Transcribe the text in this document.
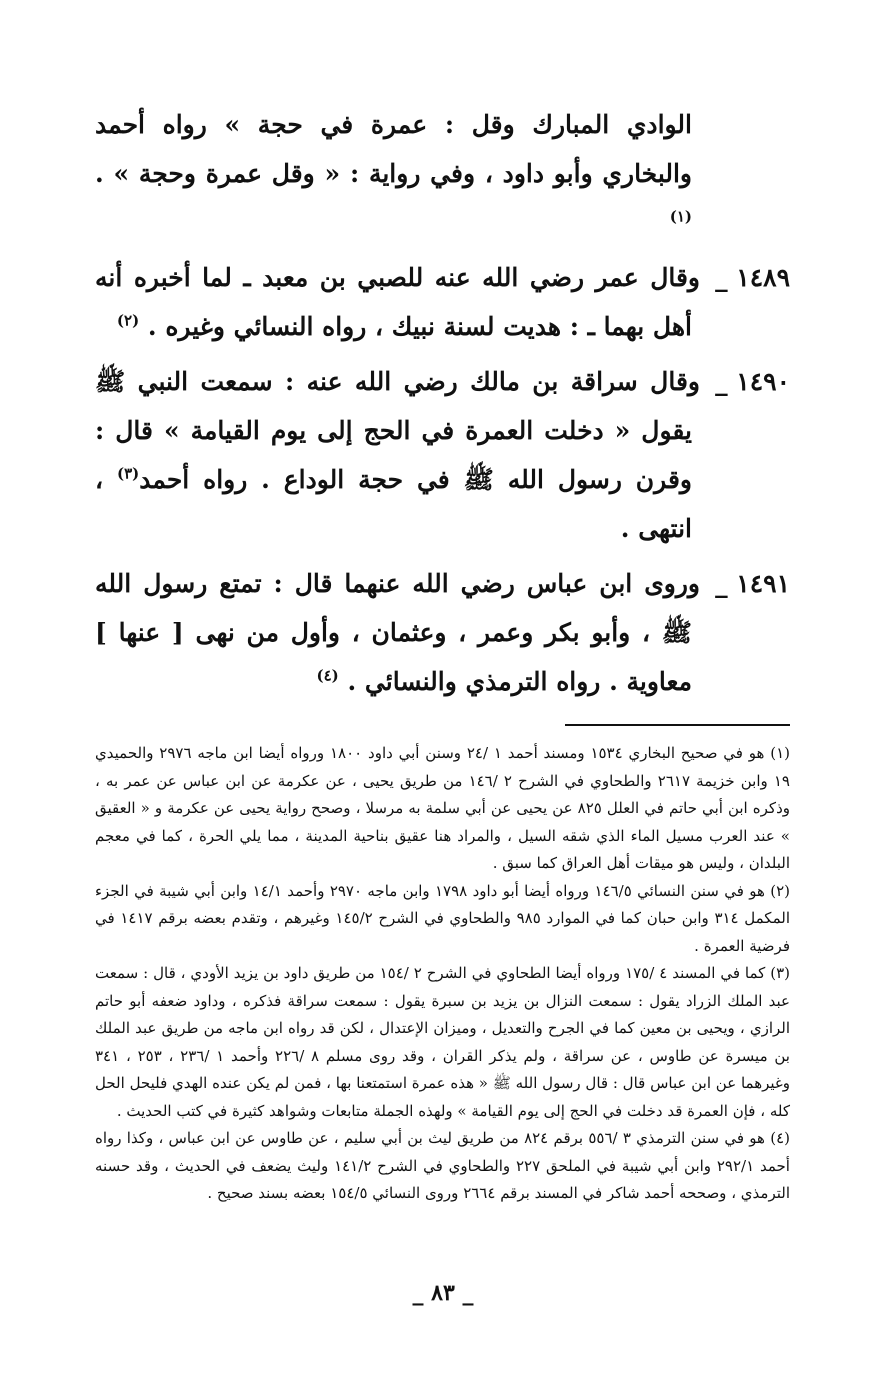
الوادي المبارك وقل : عمرة في حجة » رواه أحمد والبخاري وأبو داود ، وفي رواية : « وقل عمرة وحجة » . $^{(١)}$

١٤٨٩ _وقال عمر رضي الله عنه للصبي بن معبد ـ لما أخبره أنه أهل بهما ـ : هديت لسنة نبيك ، رواه النسائي وغيره . $^{(٢)}$

١٤٩٠ _وقال سراقة بن مالك رضي الله عنه : سمعت النبي ﷺ يقول « دخلت العمرة في الحج إلى يوم القيامة » قال : وقرن رسول الله ﷺ في حجة الوداع . رواه أحمد$^{(٣)}$ ، انتهى .

١٤٩١ _وروى ابن عباس رضي الله عنهما قال : تمتع رسول الله ﷺ ، وأبو بكر وعمر ، وعثمان ، وأول من نهى [ عنها ] معاوية . رواه الترمذي والنسائي . $^{(٤)}$

(١) هو في صحيح البخاري ١٥٣٤ ومسند أحمد ١ /٢٤ وسنن أبي داود ١٨٠٠ ورواه أيضا ابن ماجه ٢٩٧٦ والحميدي ١٩ وابن خزيمة ٢٦١٧ والطحاوي في الشرح ٢ /١٤٦ من طريق يحيى ، عن عكرمة عن ابن عباس عن عمر به ، وذكره ابن أبي حاتم في العلل ٨٢٥ عن يحيى عن أبي سلمة به مرسلا ، وصحح رواية يحيى عن عكرمة و « العقيق » عند العرب مسيل الماء الذي شقه السيل ، والمراد هنا عقيق بناحية المدينة ، مما يلي الحرة ، كما في معجم البلدان ، وليس هو ميقات أهل العراق كما سبق .

(٢) هو في سنن النسائي ١٤٦/٥ ورواه أيضا أبو داود ١٧٩٨ وابن ماجه ٢٩٧٠ وأحمد ١٤/١ وابن أبي شيبة في الجزء المكمل ٣١٤ وابن حبان كما في الموارد ٩٨٥ والطحاوي في الشرح ١٤٥/٢ وغيرهم ، وتقدم بعضه برقم ١٤١٧ في فرضية العمرة .

(٣) كما في المسند ٤ /١٧٥ ورواه أيضا الطحاوي في الشرح ٢ /١٥٤ من طريق داود بن يزيد الأودي ، قال : سمعت عبد الملك الزراد يقول : سمعت النزال بن يزيد بن سبرة يقول : سمعت سراقة فذكره ، وداود ضعفه أبو حاتم الرازي ، ويحيى بن معين كما في الجرح والتعديل ، وميزان الإعتدال ، لكن قد رواه ابن ماجه من طريق عبد الملك بن ميسرة عن طاوس ، عن سراقة ، ولم يذكر القران ، وقد روى مسلم ٨ /٢٢٦ وأحمد ١ /٢٣٦ ، ٢٥٣ ، ٣٤١ وغيرهما عن ابن عباس قال : قال رسول الله ﷺ « هذه عمرة استمتعنا بها ، فمن لم يكن عنده الهدي فليحل الحل كله ، فإن العمرة قد دخلت في الحج إلى يوم القيامة » ولهذه الجملة متابعات وشواهد كثيرة في كتب الحديث .

(٤) هو في سنن الترمذي ٣ /٥٥٦ برقم ٨٢٤ من طريق ليث بن أبي سليم ، عن طاوس عن ابن عباس ، وكذا رواه أحمد ٢٩٢/١ وابن أبي شيبة في الملحق ٢٢٧ والطحاوي في الشرح ١٤١/٢ وليث يضعف في الحديث ، وقد حسنه الترمذي ، وصححه أحمد شاكر في المسند برقم ٢٦٦٤ وروى النسائي ١٥٤/٥ بعضه بسند صحيح .

_ ٨٣ _
